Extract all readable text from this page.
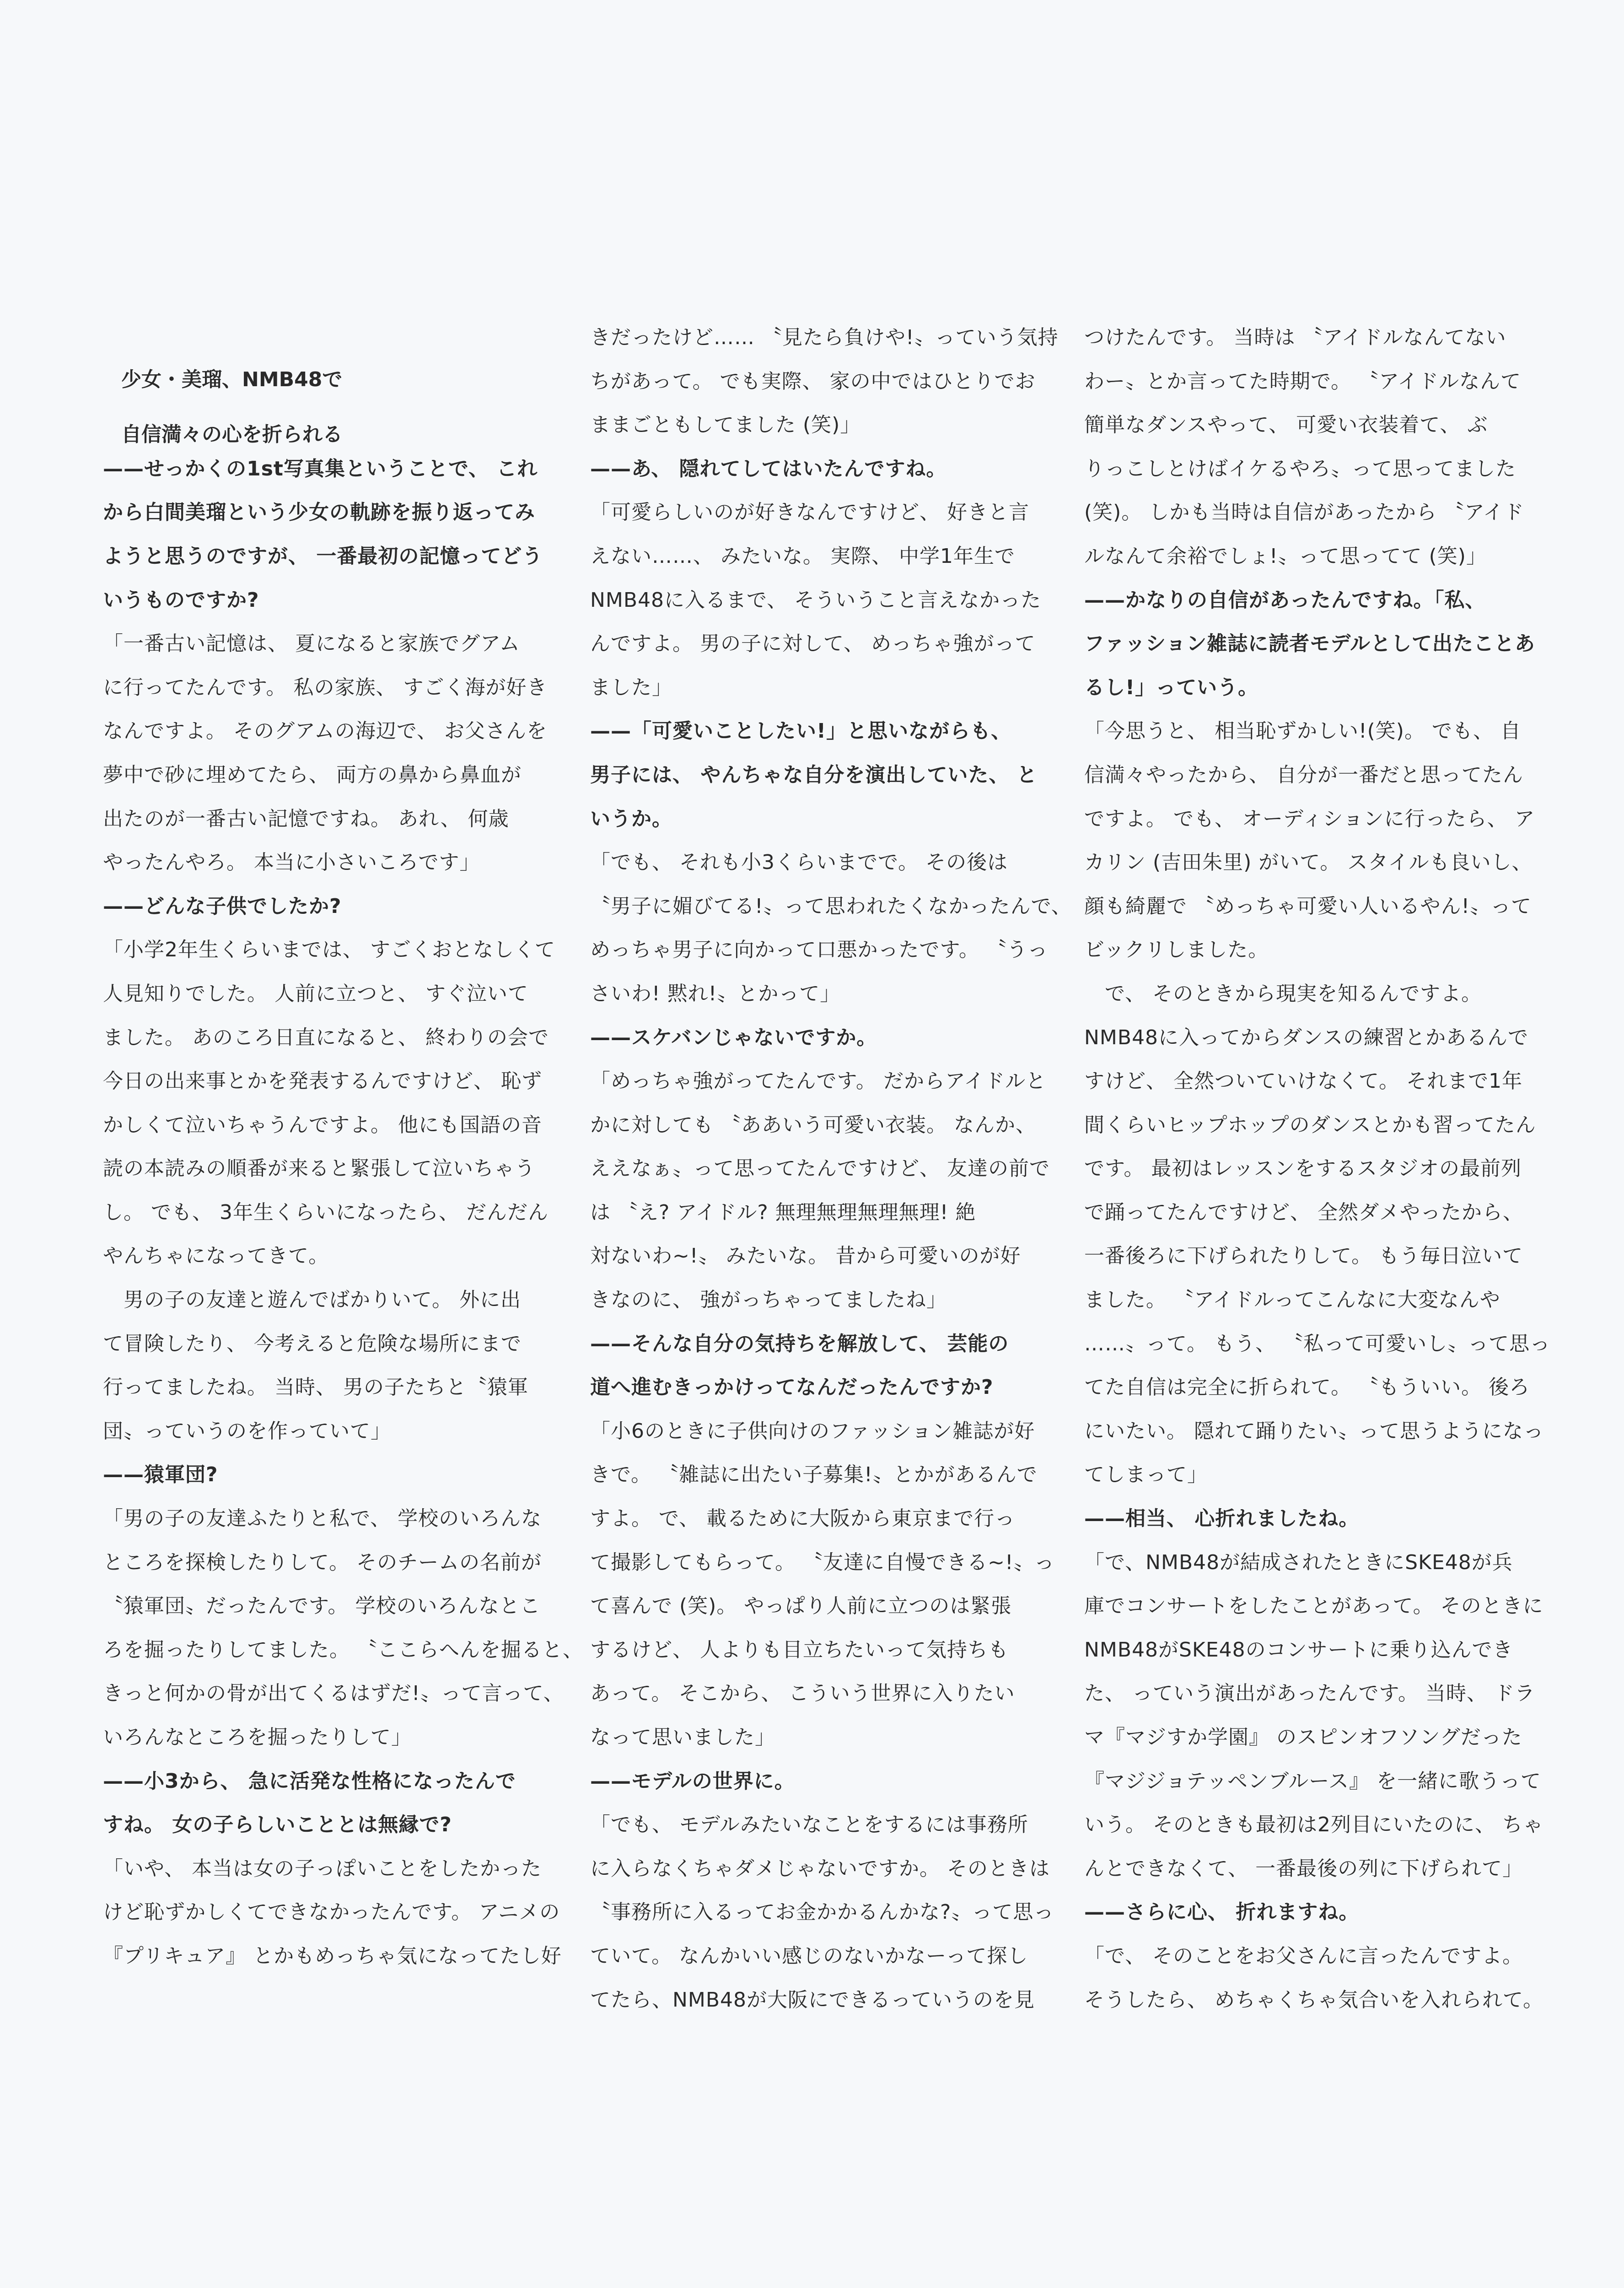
少女・美瑠、NMB48で
自信満々の心を折られる
——せっかくの1st写真集ということで、 これ
から白間美瑠という少女の軌跡を振り返ってみ
ようと思うのですが、 一番最初の記憶ってどう
いうものですか?
「一番古い記憶は、 夏になると家族でグアム
に行ってたんです。 私の家族、 すごく海が好き
なんですよ。 そのグアムの海辺で、 お父さんを
夢中で砂に埋めてたら、 両方の鼻から鼻血が
出たのが一番古い記憶ですね。 あれ、 何歳
やったんやろ。 本当に小さいころです」
——どんな子供でしたか?
「小学2年生くらいまでは、 すごくおとなしくて
人見知りでした。 人前に立つと、 すぐ泣いて
ました。 あのころ日直になると、 終わりの会で
今日の出来事とかを発表するんですけど、 恥ず
かしくて泣いちゃうんですよ。 他にも国語の音
読の本読みの順番が来ると緊張して泣いちゃう
し。 でも、 3年生くらいになったら、 だんだん
やんちゃになってきて。
　男の子の友達と遊んでばかりいて。 外に出
て冒険したり、 今考えると危険な場所にまで
行ってましたね。 当時、 男の子たちと〝猿軍
団〟っていうのを作っていて」
——猿軍団?
「男の子の友達ふたりと私で、 学校のいろんな
ところを探検したりして。 そのチームの名前が
〝猿軍団〟だったんです。 学校のいろんなとこ
ろを掘ったりしてました。 〝ここらへんを掘ると、
きっと何かの骨が出てくるはずだ!〟って言って、
いろんなところを掘ったりして」
——小3から、 急に活発な性格になったんで
すね。 女の子らしいこととは無縁で?
「いや、 本当は女の子っぽいことをしたかった
けど恥ずかしくてできなかったんです。 アニメの
『プリキュア』 とかもめっちゃ気になってたし好
きだったけど…… 〝見たら負けや!〟っていう気持
ちがあって。 でも実際、 家の中ではひとりでお
ままごともしてました (笑)」
——あ、 隠れてしてはいたんですね。
「可愛らしいのが好きなんですけど、 好きと言
えない……、 みたいな。 実際、 中学1年生で
NMB48に入るまで、 そういうこと言えなかった
んですよ。 男の子に対して、 めっちゃ強がって
ました」
——「可愛いことしたい!」と思いながらも、
男子には、 やんちゃな自分を演出していた、 と
いうか。
「でも、 それも小3くらいまでで。 その後は
〝男子に媚びてる!〟って思われたくなかったんで、
めっちゃ男子に向かって口悪かったです。 〝うっ
さいわ! 黙れ!〟とかって」
——スケバンじゃないですか。
「めっちゃ強がってたんです。 だからアイドルと
かに対しても 〝ああいう可愛い衣装。 なんか、
ええなぁ〟って思ってたんですけど、 友達の前で
は 〝え? アイドル? 無理無理無理無理! 絶
対ないわ~!〟 みたいな。 昔から可愛いのが好
きなのに、 強がっちゃってましたね」
——そんな自分の気持ちを解放して、 芸能の
道へ進むきっかけってなんだったんですか?
「小6のときに子供向けのファッション雑誌が好
きで。 〝雑誌に出たい子募集!〟とかがあるんで
すよ。 で、 載るために大阪から東京まで行っ
て撮影してもらって。 〝友達に自慢できる~!〟っ
て喜んで (笑)。 やっぱり人前に立つのは緊張
するけど、 人よりも目立ちたいって気持ちも
あって。 そこから、 こういう世界に入りたい
なって思いました」
——モデルの世界に。
「でも、 モデルみたいなことをするには事務所
に入らなくちゃダメじゃないですか。 そのときは
〝事務所に入るってお金かかるんかな?〟って思っ
ていて。 なんかいい感じのないかなーって探し
てたら、NMB48が大阪にできるっていうのを見
つけたんです。 当時は 〝アイドルなんてない
わー〟とか言ってた時期で。 〝アイドルなんて
簡単なダンスやって、 可愛い衣装着て、 ぶ
りっこしとけばイケるやろ〟って思ってました
(笑)。 しかも当時は自信があったから 〝アイド
ルなんて余裕でしょ!〟って思ってて (笑)」
——かなりの自信があったんですね。「私、
ファッション雑誌に読者モデルとして出たことあ
るし!」っていう。
「今思うと、 相当恥ずかしい!(笑)。 でも、 自
信満々やったから、 自分が一番だと思ってたん
ですよ。 でも、 オーディションに行ったら、 ア
カリン (吉田朱里) がいて。 スタイルも良いし、
顔も綺麗で 〝めっちゃ可愛い人いるやん!〟って
ビックリしました。
　で、 そのときから現実を知るんですよ。
NMB48に入ってからダンスの練習とかあるんで
すけど、 全然ついていけなくて。 それまで1年
間くらいヒップホップのダンスとかも習ってたん
です。 最初はレッスンをするスタジオの最前列
で踊ってたんですけど、 全然ダメやったから、
一番後ろに下げられたりして。 もう毎日泣いて
ました。 〝アイドルってこんなに大変なんや
……〟って。 もう、 〝私って可愛いし〟って思っ
てた自信は完全に折られて。 〝もういい。 後ろ
にいたい。 隠れて踊りたい〟って思うようになっ
てしまって」
——相当、 心折れましたね。
「で、NMB48が結成されたときにSKE48が兵
庫でコンサートをしたことがあって。 そのときに
NMB48がSKE48のコンサートに乗り込んでき
た、 っていう演出があったんです。 当時、 ドラ
マ『マジすか学園』 のスピンオフソングだった
『マジジョテッペンブルース』 を一緒に歌うって
いう。 そのときも最初は2列目にいたのに、 ちゃ
んとできなくて、 一番最後の列に下げられて」
——さらに心、 折れますね。
「で、 そのことをお父さんに言ったんですよ。
そうしたら、 めちゃくちゃ気合いを入れられて。
